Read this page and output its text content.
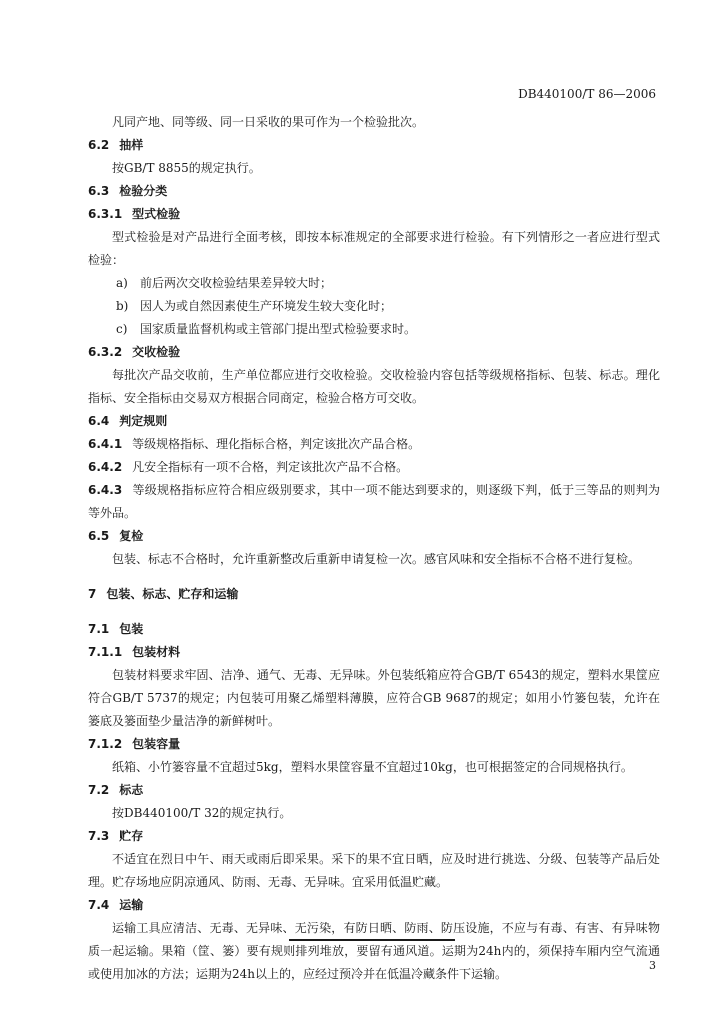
DB440100/T 86—2006
凡同产地、同等级、同一日采收的果可作为一个检验批次。
6.2 抽样
按GB/T 8855的规定执行。
6.3 检验分类
6.3.1 型式检验
型式检验是对产品进行全面考核，即按本标准规定的全部要求进行检验。有下列情形之一者应进行型式检验：
a) 前后两次交收检验结果差异较大时；
b) 因人为或自然因素使生产环境发生较大变化时；
c) 国家质量监督机构或主管部门提出型式检验要求时。
6.3.2 交收检验
每批次产品交收前，生产单位都应进行交收检验。交收检验内容包括等级规格指标、包装、标志。理化指标、安全指标由交易双方根据合同商定，检验合格方可交收。
6.4 判定规则
6.4.1 等级规格指标、理化指标合格，判定该批次产品合格。
6.4.2 凡安全指标有一项不合格，判定该批次产品不合格。
6.4.3 等级规格指标应符合相应级别要求，其中一项不能达到要求的，则逐级下判，低于三等品的则判为等外品。
6.5 复检
包装、标志不合格时，允许重新整改后重新申请复检一次。感官风味和安全指标不合格不进行复检。
7 包装、标志、贮存和运输
7.1 包装
7.1.1 包装材料
包装材料要求牢固、洁净、通气、无毒、无异味。外包装纸箱应符合GB/T 6543的规定，塑料水果筐应符合GB/T 5737的规定；内包装可用聚乙烯塑料薄膜，应符合GB 9687的规定；如用小竹篓包装，允许在篓底及篓面垫少量洁净的新鲜树叶。
7.1.2 包装容量
纸箱、小竹篓容量不宜超过5kg，塑料水果筐容量不宜超过10kg，也可根据签定的合同规格执行。
7.2 标志
按DB440100/T 32的规定执行。
7.3 贮存
不适宜在烈日中午、雨天或雨后即采果。采下的果不宜日晒，应及时进行挑选、分级、包装等产品后处理。贮存场地应阴凉通风、防雨、无毒、无异味。宜采用低温贮藏。
7.4 运输
运输工具应清洁、无毒、无异味、无污染，有防日晒、防雨、防压设施，不应与有毒、有害、有异味物质一起运输。果箱（筐、篓）要有规则排列堆放，要留有通风道。运期为24h内的，须保持车厢内空气流通或使用加冰的方法；运期为24h以上的，应经过预冷并在低温冷藏条件下运输。
3
